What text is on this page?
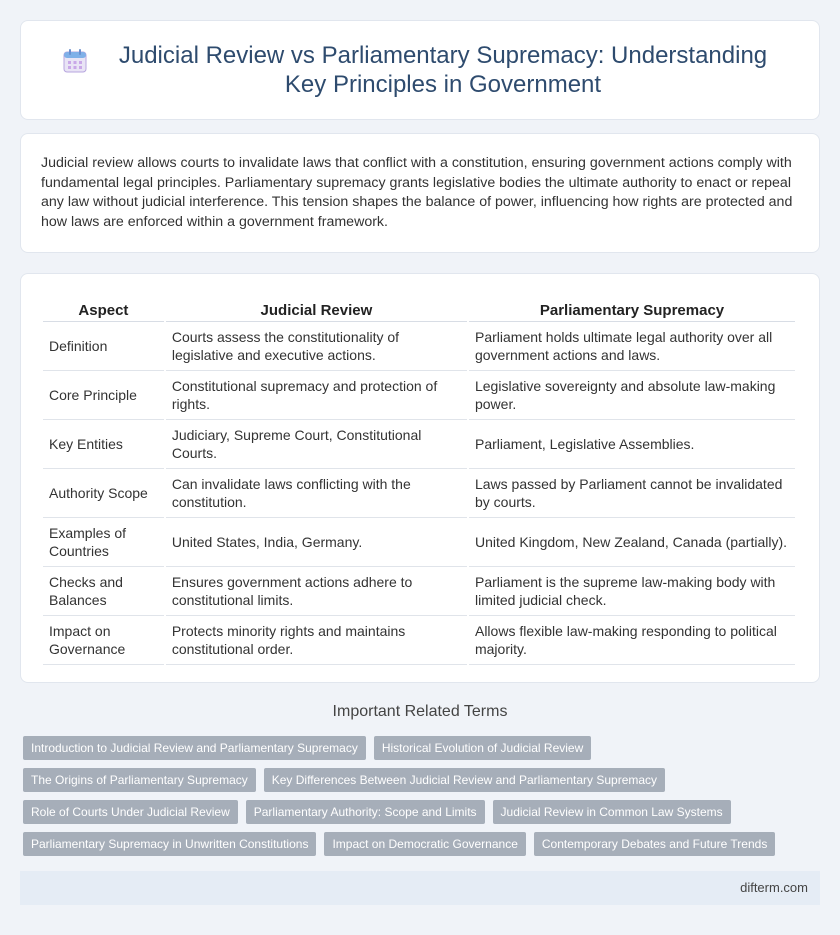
Judicial Review vs Parliamentary Supremacy: Understanding Key Principles in Government

Judicial review allows courts to invalidate laws that conflict with a constitution, ensuring government actions comply with fundamental legal principles. Parliamentary supremacy grants legislative bodies the ultimate authority to enact or repeal any law without judicial interference. This tension shapes the balance of power, influencing how rights are protected and how laws are enforced within a government framework.

Aspect	Judicial Review	Parliamentary Supremacy
Definition	Courts assess the constitutionality of legislative and executive actions.	Parliament holds ultimate legal authority over all government actions and laws.
Core Principle	Constitutional supremacy and protection of rights.	Legislative sovereignty and absolute law-making power.
Key Entities	Judiciary, Supreme Court, Constitutional Courts.	Parliament, Legislative Assemblies.
Authority Scope	Can invalidate laws conflicting with the constitution.	Laws passed by Parliament cannot be invalidated by courts.
Examples of Countries	United States, India, Germany.	United Kingdom, New Zealand, Canada (partially).
Checks and Balances	Ensures government actions adhere to constitutional limits.	Parliament is the supreme law-making body with limited judicial check.
Impact on Governance	Protects minority rights and maintains constitutional order.	Allows flexible law-making responding to political majority.
Important Related Terms
Introduction to Judicial Review and Parliamentary Supremacy	Historical Evolution of Judicial Review
The Origins of Parliamentary Supremacy	Key Differences Between Judicial Review and Parliamentary Supremacy
Role of Courts Under Judicial Review	Parliamentary Authority: Scope and Limits	Judicial Review in Common Law Systems
Parliamentary Supremacy in Unwritten Constitutions	Impact on Democratic Governance	Contemporary Debates and Future Trends
difterm.com
